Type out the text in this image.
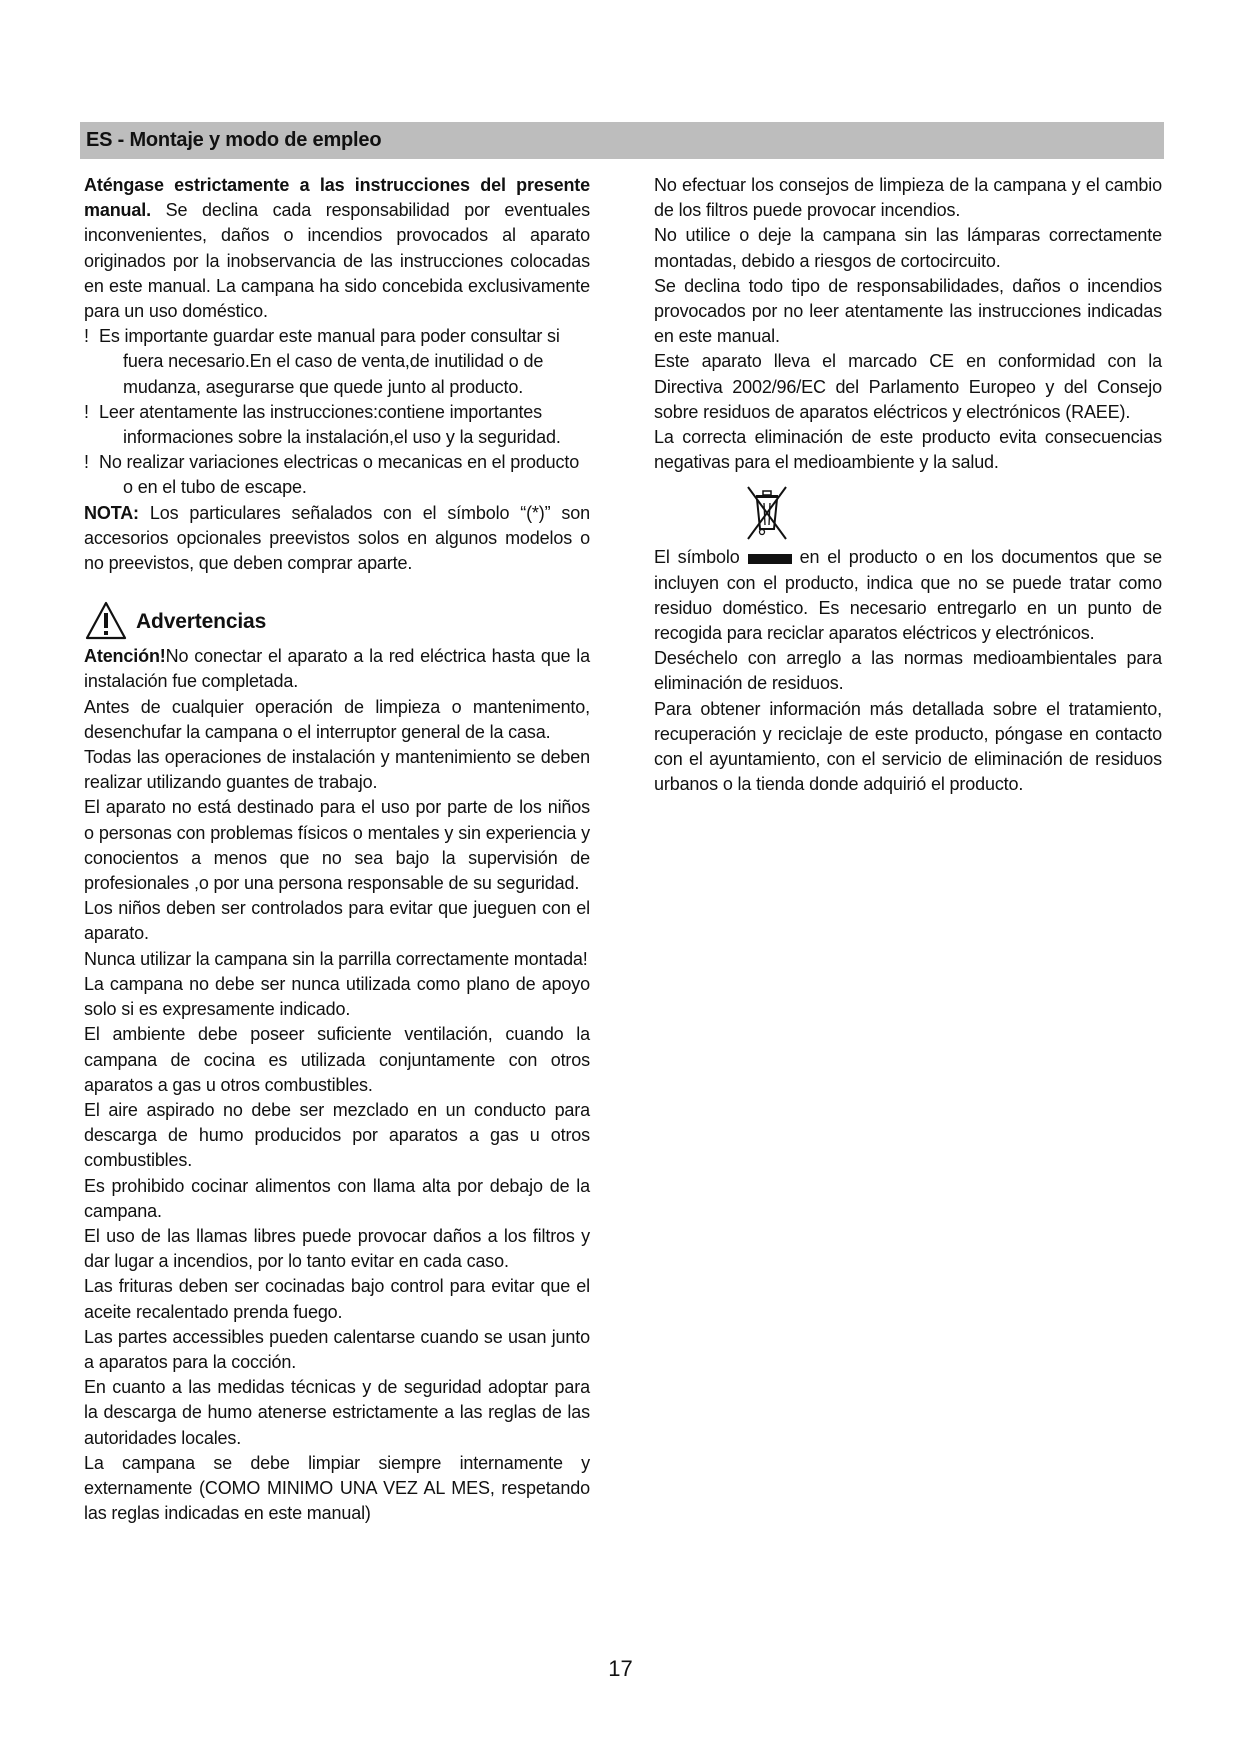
ES - Montaje y modo de empleo

Aténgase estrictamente a las instrucciones del presente manual. Se declina cada responsabilidad por eventuales inconvenientes, daños o incendios provocados al aparato originados por la inobservancia de las instrucciones colocadas en este manual. La campana ha sido concebida exclusivamente para un uso doméstico.

! Es importante guardar este manual para poder consultar si fuera necesario.En el caso de venta,de inutilidad o de mudanza, asegurarse que quede junto al producto.

! Leer atentamente las instrucciones:contiene importantes informaciones sobre la instalación,el uso y la seguridad.

! No realizar variaciones electricas o mecanicas en el producto o en el tubo de escape.

NOTA: Los particulares señalados con el símbolo “(*)” son accesorios opcionales preevistos solos en algunos modelos o no preevistos, que deben comprar aparte.

Advertencias

Atención!No conectar el aparato a la red eléctrica hasta que la instalación fue completada.

Antes de cualquier operación de limpieza o mantenimento, desenchufar la campana o el interruptor general de la casa.

Todas las operaciones de instalación y mantenimiento se deben realizar utilizando guantes de trabajo.

El aparato no está destinado para el uso por parte de los niños o personas con problemas físicos o mentales y sin experiencia y conocientos a menos que no sea bajo la supervisión de profesionales ,o por una persona responsable de su seguridad.

Los niños deben ser controlados para evitar que jueguen con el aparato.

Nunca utilizar la campana sin la parrilla correctamente montada!

La campana no debe ser nunca utilizada como plano de apoyo solo si es expresamente indicado.

El ambiente debe poseer suficiente ventilación, cuando la campana de cocina es utilizada conjuntamente con otros aparatos a gas u otros combustibles.

El aire aspirado no debe ser mezclado en un conducto para descarga de humo producidos por aparatos a gas u otros combustibles.

Es prohibido cocinar alimentos con llama alta por debajo de la campana.

El uso de las llamas libres puede provocar daños a los filtros y dar lugar a incendios, por lo tanto evitar en cada caso.

Las frituras deben ser cocinadas bajo control para evitar que el aceite recalentado prenda fuego.

Las partes accessibles pueden calentarse cuando se usan junto a aparatos para la cocción.

En cuanto a las medidas técnicas y de seguridad adoptar para la descarga de humo atenerse estrictamente a las reglas de las autoridades locales.

La campana se debe limpiar siempre internamente y externamente (COMO MINIMO UNA VEZ AL MES, respetando las reglas indicadas en este manual)

No efectuar los consejos de limpieza de la campana y el cambio de los filtros puede provocar incendios.

No utilice o deje la campana sin las lámparas correctamente montadas, debido a riesgos de cortocircuito.

Se declina todo tipo de responsabilidades, daños o incendios provocados por no leer atentamente las instrucciones indicadas en este manual.

Este aparato lleva el marcado CE en conformidad con la Directiva 2002/96/EC del Parlamento Europeo y del Consejo sobre residuos de aparatos eléctricos y electrónicos (RAEE).

La correcta eliminación de este producto evita consecuencias negativas para el medioambiente y la salud.

El símbolo	en el producto o en los documentos que se incluyen con el producto, indica que no se puede tratar como residuo doméstico. Es necesario entregarlo en un punto de recogida para reciclar aparatos eléctricos y electrónicos.

Deséchelo con arreglo a las normas medioambientales para eliminación de residuos.

Para obtener información más detallada sobre el tratamiento, recuperación y reciclaje de este producto, póngase en contacto con el ayuntamiento, con el servicio de eliminación de residuos urbanos o la tienda donde adquirió el producto.

17
